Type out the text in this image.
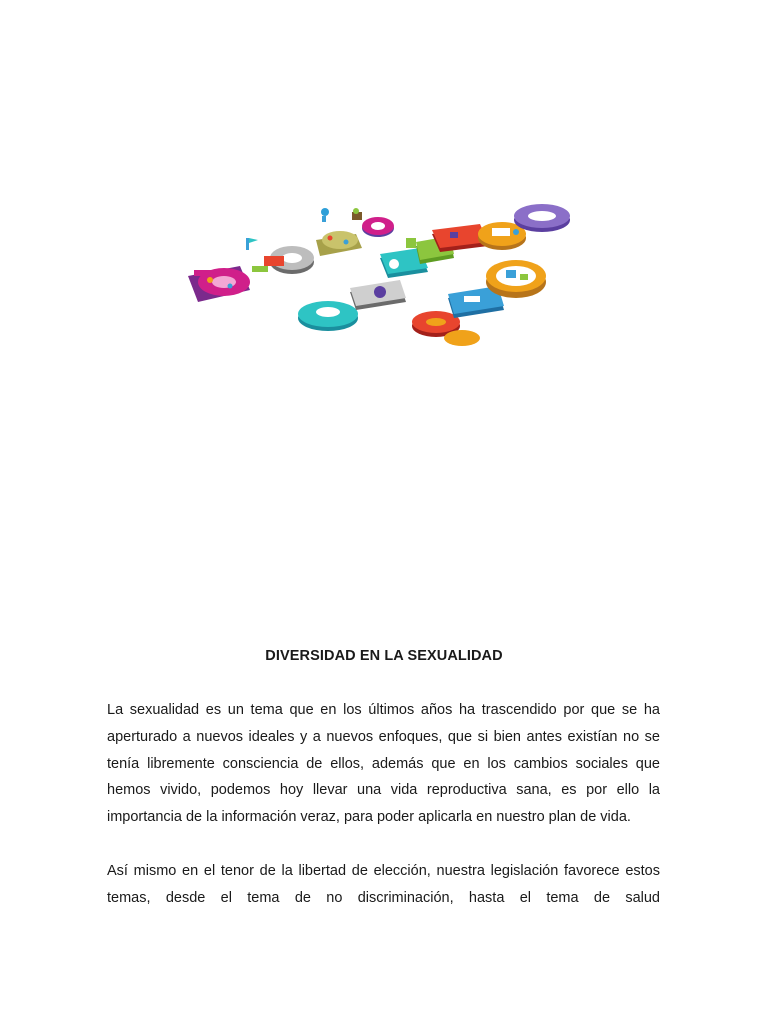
DIVERSIDAD EN LA SEXUALIDAD

La sexualidad es un tema que en los últimos años ha trascendido por que se ha aperturado a nuevos ideales y a nuevos enfoques, que si bien antes existían no se tenía libremente consciencia de ellos, además que en los cambios sociales que hemos vivido, podemos hoy llevar una vida reproductiva sana, es por ello la importancia de la información veraz, para poder aplicarla en nuestro plan de vida.

Así mismo en el tenor de la libertad de elección, nuestra legislación favorece estos temas, desde el tema de no discriminación, hasta el tema de salud
